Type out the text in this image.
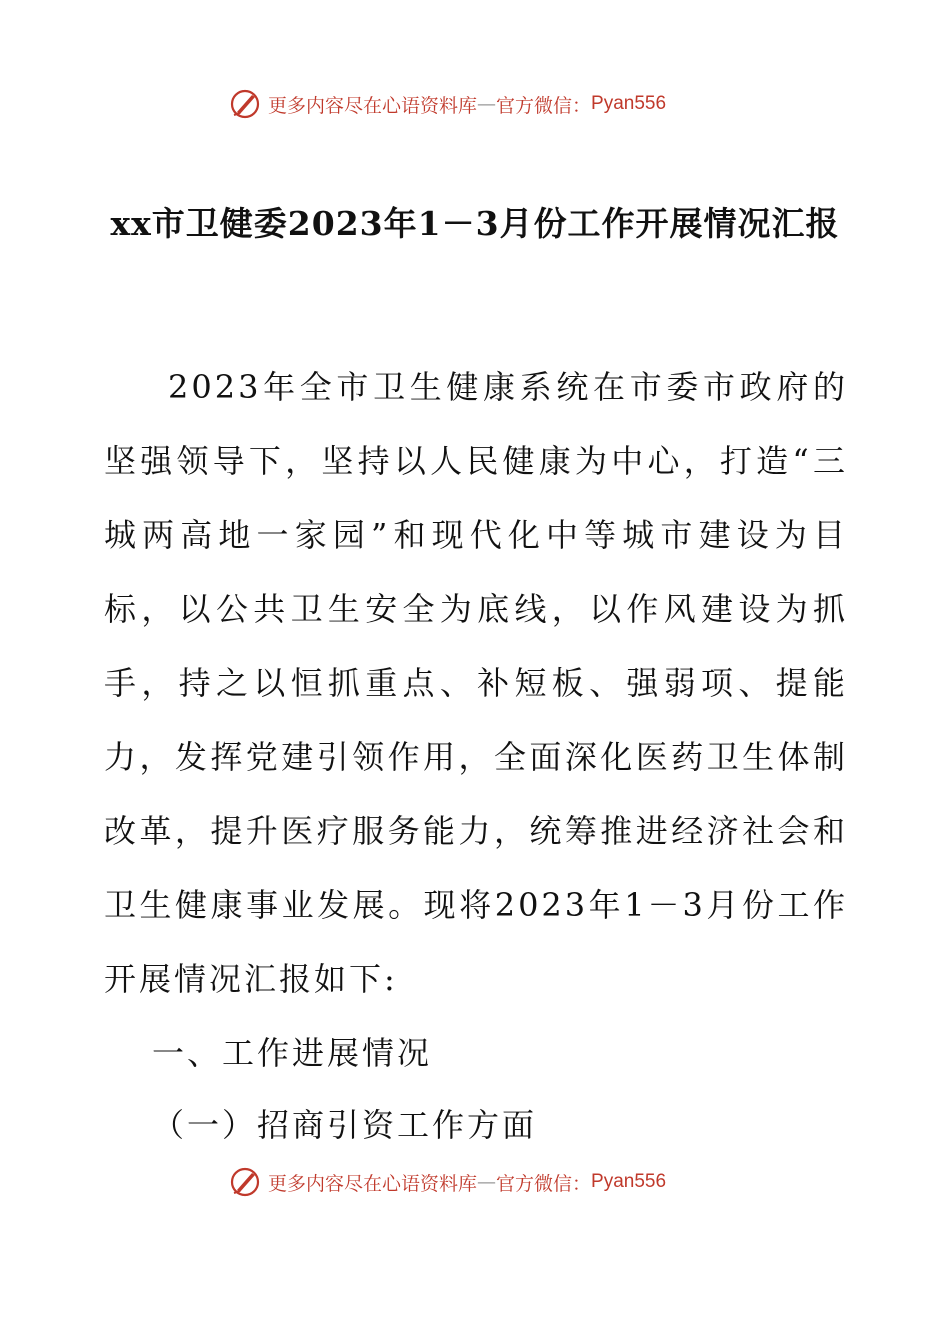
更多内容尽在心语资料库 — 官方微信： Pyan556
xx市卫健委2023年1－3月份工作开展情况汇报

2023年全市卫生健康系统在市委市政府的坚强领导下，坚持以人民健康为中心，打造“三城两高地一家园”和现代化中等城市建设为目标，以公共卫生安全为底线，以作风建设为抓手，持之以恒抓重点、补短板、强弱项、提能力，发挥党建引领作用，全面深化医药卫生体制改革，提升医疗服务能力，统筹推进经济社会和卫生健康事业发展。现将2023年1－3月份工作开展情况汇报如下:

一、工作进展情况

（一）招商引资工作方面

更多内容尽在心语资料库 — 官方微信： Pyan556
